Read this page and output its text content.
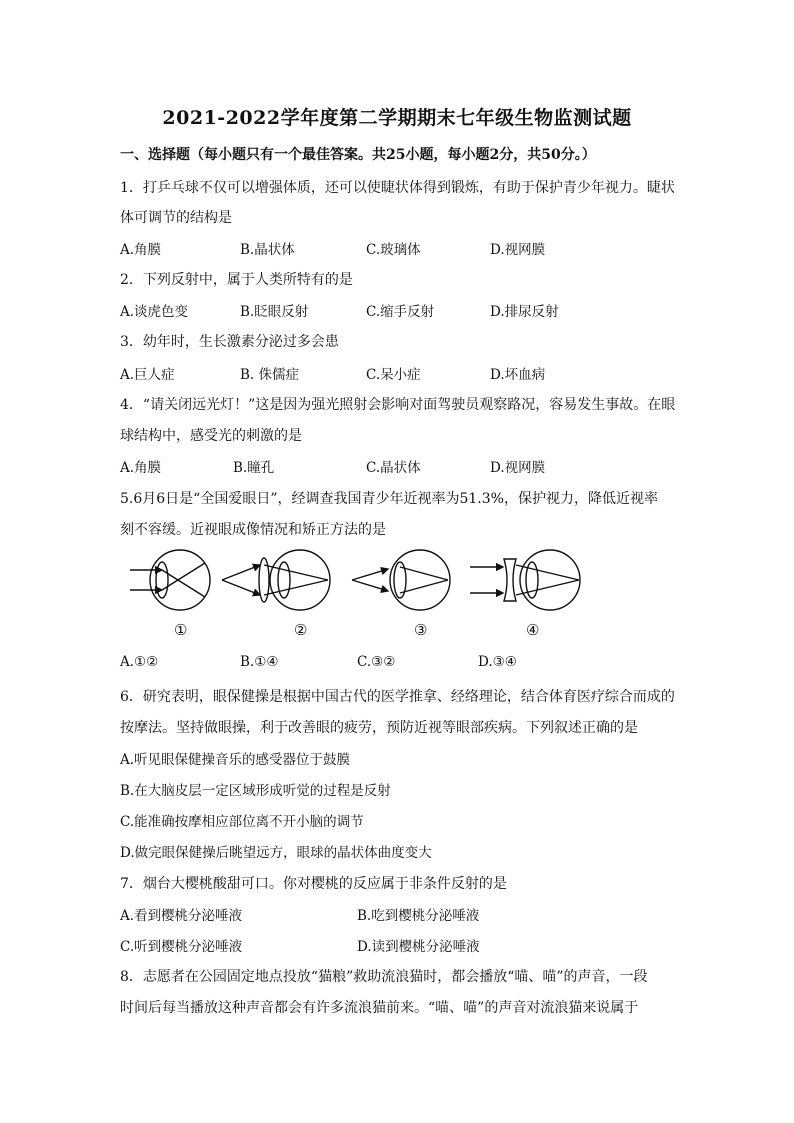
2021-2022学年度第二学期期末七年级生物监测试题
一、选择题（每小题只有一个最佳答案。共25小题，每小题2分，共50分。）
1．打乒乓球不仅可以增强体质，还可以使睫状体得到锻炼，有助于保护青少年视力。睫状
体可调节的结构是
A.角膜	B.晶状体	C.玻璃体	D.视网膜
2．下列反射中，属于人类所特有的是
A.谈虎色变	B.眨眼反射	C.缩手反射	D.排尿反射
3．幼年时，生长激素分泌过多会患
A.巨人症	B. 侏儒症	C.呆小症	D.坏血病
4．“请关闭远光灯！”这是因为强光照射会影响对面驾驶员观察路况，容易发生事故。在眼
球结构中，感受光的刺激的是
A.角膜	B.瞳孔	C.晶状体	D.视网膜
5.6月6日是“全国爱眼日”，经调查我国青少年近视率为51.3%，保护视力，降低近视率
刻不容缓。近视眼成像情况和矫正方法的是
①	②	③	④
A.①②	B.①④	C.③②	D.③④
6．研究表明，眼保健操是根据中国古代的医学推拿、经络理论，结合体育医疗综合而成的
按摩法。坚持做眼操，利于改善眼的疲劳，预防近视等眼部疾病。下列叙述正确的是
A.听见眼保健操音乐的感受器位于鼓膜
B.在大脑皮层一定区域形成听觉的过程是反射
C.能准确按摩相应部位离不开小脑的调节
D.做完眼保健操后眺望远方，眼球的晶状体曲度变大
7．烟台大樱桃酸甜可口。你对樱桃的反应属于非条件反射的是
A.看到樱桃分泌唾液	B.吃到樱桃分泌唾液
C.听到樱桃分泌唾液	D.读到樱桃分泌唾液
8．志愿者在公园固定地点投放“猫粮”救助流浪猫时，都会播放“喵、喵”的声音，一段
时间后每当播放这种声音都会有许多流浪猫前来。“喵、喵”的声音对流浪猫来说属于
